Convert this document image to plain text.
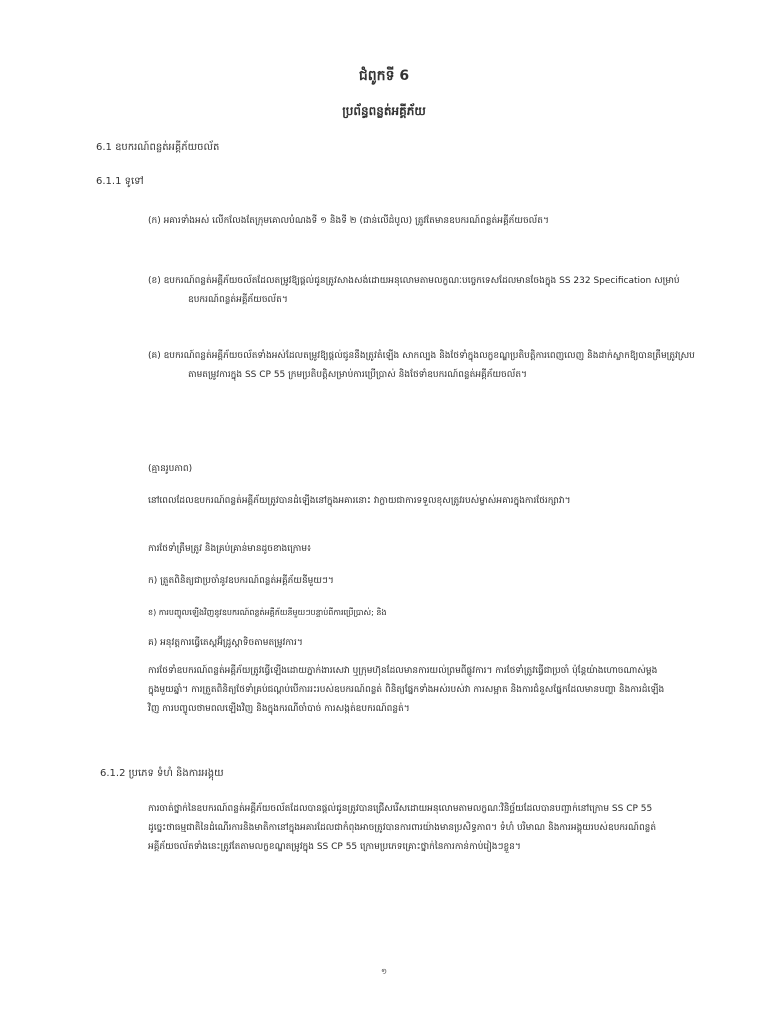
ជំពូកទី 6
ប្រព័ន្ធពន្លត់អគ្គីភ័យ
6.1 ឧបករណ៍ពន្លត់អគ្គីភ័យចល័ត
6.1.1 ទូទៅ
(ក) អគារទាំងអស់ លើកលែងតែក្រុមគោលបំណងទី ១ និងទី ២ (ជាន់លើដំបូល) ត្រូវតែមានឧបករណ៍ពន្លត់អគ្គីភ័យចល័ត។
(ខ) ឧបករណ៍ពន្លត់អគ្គីភ័យចល័តដែលតម្រូវឱ្យផ្តល់ជូនត្រូវសាងសង់ដោយអនុលោមតាមលក្ខណៈបច្ចេកទេសដែលមានចែងក្នុង SS 232 Specification សម្រាប់ឧបករណ៍ពន្លត់អគ្គីភ័យចល័ត។
(គ) ឧបករណ៍ពន្លត់អគ្គីភ័យចល័តទាំងអស់ដែលតម្រូវឱ្យផ្តល់ជូននឹងត្រូវតំឡើង សាកល្បង និងថែទាំក្នុងលក្ខខណ្ឌប្រតិបត្តិការពេញលេញ និងដាក់ស្លាកឱ្យបានត្រឹមត្រូវស្របតាមតម្រូវការក្នុង SS CP 55 ក្រមប្រតិបត្តិសម្រាប់ការប្រើប្រាស់ និងថែទាំឧបករណ៍ពន្លត់អគ្គីភ័យចល័ត។
(គ្មានរូបភាព)
នៅពេលដែលឧបករណ៍ពន្លត់អគ្គីភ័យត្រូវបានដំឡើងនៅក្នុងអគារនោះ វាក្លាយជាការទទួលខុសត្រូវរបស់ម្ចាស់អគារក្នុងការថែរក្សាវា។
ការថែទាំត្រឹមត្រូវ និងគ្រប់គ្រាន់មានដូចខាងក្រោម៖
ក) ត្រួតពិនិត្យជាប្រចាំនូវឧបករណ៍ពន្លត់អគ្គីភ័យនីមួយៗ។
ខ) ការបញ្ចូលឡើងវិញនូវឧបករណ៍ពន្លត់អគ្គីភ័យនីមួយៗបន្ទាប់ពីការប្រើប្រាស់; និង
គ) អនុវត្តការធ្វើតេស្តអ៊ីដ្រូស្តាទិចតាមតម្រូវការ។
ការថែទាំឧបករណ៍ពន្លត់អគ្គីភ័យត្រូវធ្វើឡើងដោយភ្នាក់ងារសេវា ឬក្រុមហ៊ុនដែលមានការយល់ព្រមពីផ្លូវការ។ ការថែទាំត្រូវធ្វើជាប្រចាំ ប៉ុន្តែយ៉ាងហោចណាស់ម្តងក្នុងមួយឆ្នាំ។ ការត្រួតពិនិត្យថែទាំគ្រប់ជណ្តប់បើការរះរបស់ឧបករណ៍ពន្លត់ ពិនិត្យផ្នែកទាំងអស់របស់វា ការសម្អាត និងការជំនួសផ្នែកដែលមានបញ្ហា និងការដំឡើងវិញ ការបញ្ចូលថាមពលឡើងវិញ និងក្នុងករណីចាំបាច់ ការសង្កត់ឧបករណ៍ពន្លត់។
6.1.2 ប្រភេទ ទំហំ និងការអង្គុយ
ការចាត់ថ្នាក់នៃឧបករណ៍ពន្លត់អគ្គីភ័យចល័តដែលបានផ្តល់ជូនត្រូវបានជ្រើសរើសដោយអនុលោមតាមលក្ខណៈវិនិច្ឆ័យដែលបានបញ្ជាក់នៅក្រោម SS CP 55 ដូច្នេះថាធម្មជាតិនៃដំណើរការនិងមាតិកានៅក្នុងអគារដែលជាកំពុងអាចត្រូវបានការពារយ៉ាងមានប្រសិទ្ធភាព។ ទំហំ បរិមាណ និងការអង្គុយរបស់ឧបករណ៍ពន្លត់អគ្គីភ័យចល័តទាំងនេះត្រូវតែតាមលក្ខខណ្ឌតម្រូវក្នុង SS CP 55 ក្រោមប្រភេទគ្រោះថ្នាក់នៃការកាន់កាប់រៀងៗខ្លួន។
១
